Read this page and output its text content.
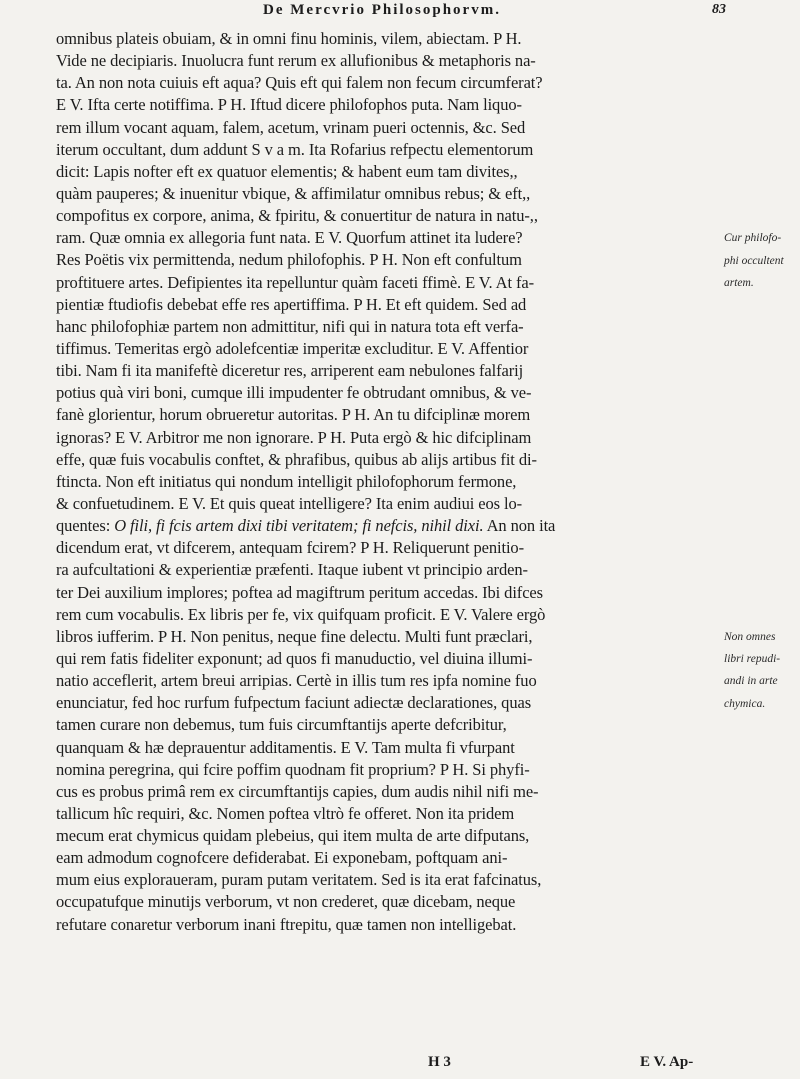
De Mercvrio Philosophorvm.	83
omnibus plateis obuiam, & in omni finu hominis, vilem, abiectam. P H.
Vide ne decipiaris. Inuolucra funt rerum ex allufionibus & metaphoris na-
ta. An non nota cuiuis eft aqua? Quis eft qui falem non fecum circumferat?
E V. Ifta certe notiffima. P H. Iftud dicere philofophos puta. Nam liquo-
rem illum vocant aquam, falem, acetum, vrinam pueri octennis, &c. Sed
iterum occultant, dum addunt S v a m. Ita Rofarius refpectu elementorum
dicit: Lapis nofter eft ex quatuor elementis; & habent eum tam divites,,
quàm pauperes; & inuenitur vbique, & affimilatur omnibus rebus; & eft,,
compofitus ex corpore, anima, & fpiritu, & conuertitur de natura in natu-,,
ram. Quæ omnia ex allegoria funt nata. E V. Quorfum attinet ita ludere?
Res Poëtis vix permittenda, nedum philofophis. P H. Non eft confultum
proftituere artes. Defipientes ita repelluntur quàm faceti ffimè. E V. At fa-
pientiæ ftudiofis debebat effe res apertiffima. P H. Et eft quidem. Sed ad
hanc philofophiæ partem non admittitur, nifi qui in natura tota eft verfa-
tiffimus. Temeritas ergò adolefcentiæ imperitæ excluditur. E V. Affentior
tibi. Nam fi ita manifeftè diceretur res, arriperent eam nebulones falfarij
potius quà viri boni, cumque illi impudenter fe obtrudant omnibus, & ve-
fanè glorientur, horum obrueretur autoritas. P H. An tu difciplinæ morem
ignoras? E V. Arbitror me non ignorare. P H. Puta ergò & hic difciplinam
effe, quæ fuis vocabulis conftet, & phrafibus, quibus ab alijs artibus fit di-
ftincta. Non eft initiatus qui nondum intelligit philofophorum fermone,
& confuetudinem. E V. Et quis queat intelligere? Ita enim audiui eos lo-
quentes: O fili, fi fcis artem dixi tibi veritatem; fi nefcis, nihil dixi. An non ita
dicendum erat, vt difcerem, antequam fcirem? P H. Reliquerunt penitio-
ra aufcultationi & experientiæ præfenti. Itaque iubent vt principio arden-
ter Dei auxilium implores; poftea ad magiftrum peritum accedas. Ibi difces
rem cum vocabulis. Ex libris per fe, vix quifquam proficit. E V. Valere ergò
libros iufferim. P H. Non penitus, neque fine delectu. Multi funt præclari,
qui rem fatis fideliter exponunt; ad quos fi manuductio, vel diuina illumi-
natio acceflerit, artem breui arripias. Certè in illis tum res ipfa nomine fuo
enunciatur, fed hoc rurfum fufpectum faciunt adiectæ declarationes, quas
tamen curare non debemus, tum fuis circumftantijs aperte defcribitur,
quanquam & hæ deprauentur additamentis. E V. Tam multa fi vfurpant
nomina peregrina, qui fcire poffim quodnam fit proprium? P H. Si phyfi-
cus es probus primâ rem ex circumftantijs capies, dum audis nihil nifi me-
tallicum hîc requiri, &c. Nomen poftea vltrò fe offeret. Non ita pridem
mecum erat chymicus quidam plebeius, qui item multa de arte difputans,
eam admodum cognofcere defiderabat. Ei exponebam, poftquam ani-
mum eius exploraueram, puram putam veritatem. Sed is ita erat fafcinatus,
occupatufque minutijs verborum, vt non crederet, quæ dicebam, neque
refutare conaretur verborum inani ftrepitu, quæ tamen non intelligebat.
Cur philofo-
phi occultent
artem.
Non omnes
libri repudi-
andi in arte
chymica.
H 3	E V. Ap-
